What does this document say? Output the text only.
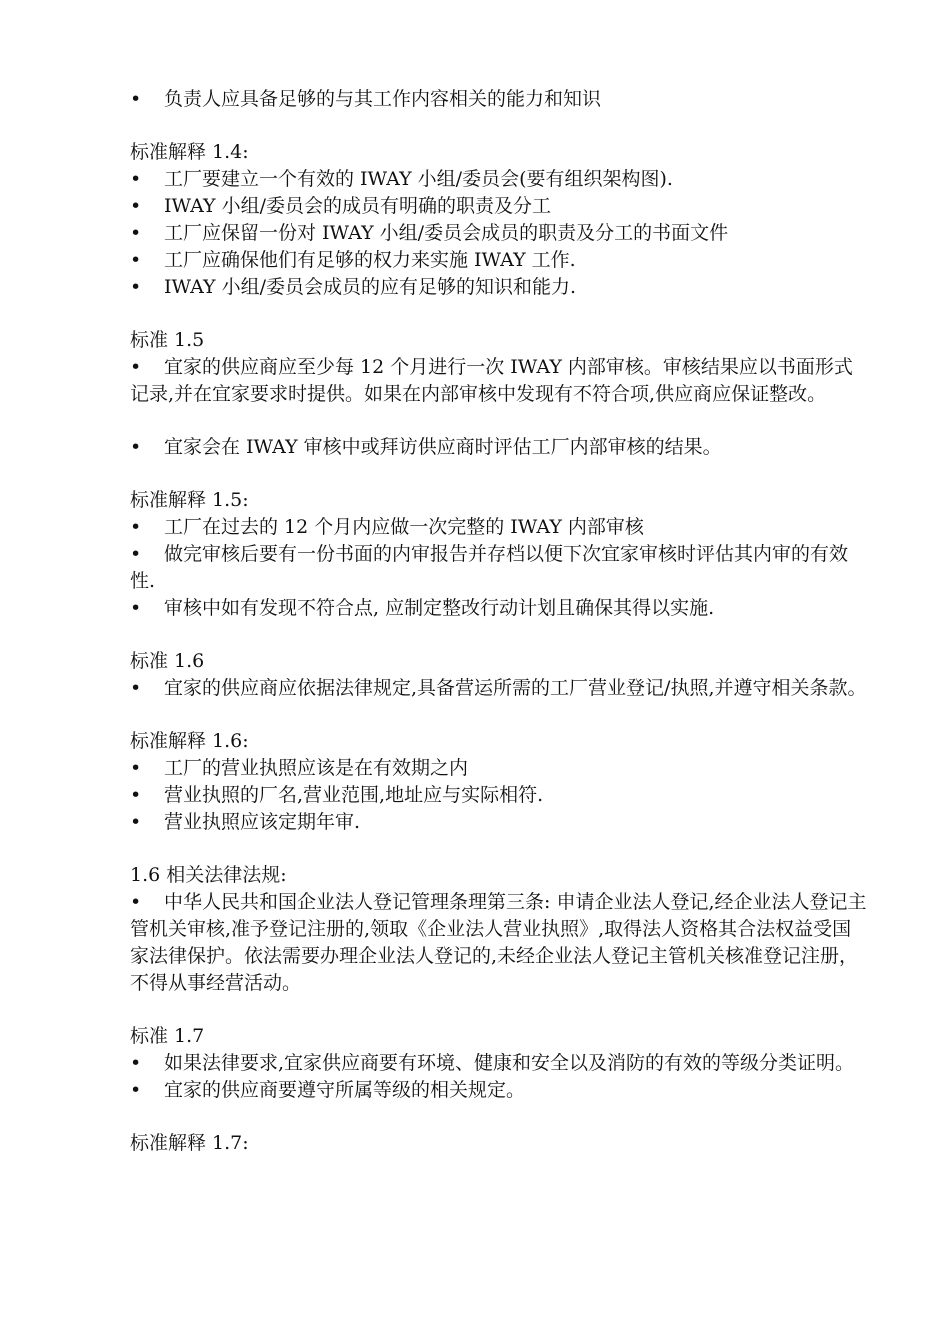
• 负责人应具备足够的与其工作内容相关的能力和知识

标准解释 1.4:

• 工厂要建立一个有效的 IWAY 小组/委员会(要有组织架构图).

• IWAY 小组/委员会的成员有明确的职责及分工

• 工厂应保留一份对 IWAY 小组/委员会成员的职责及分工的书面文件

• 工厂应确保他们有足够的权力来实施 IWAY 工作.

• IWAY 小组/委员会成员的应有足够的知识和能力.

标准 1.5

• 宜家的供应商应至少每 12 个月进行一次 IWAY 内部审核。审核结果应以书面形式记录,并在宜家要求时提供。如果在内部审核中发现有不符合项,供应商应保证整改。

• 宜家会在 IWAY 审核中或拜访供应商时评估工厂内部审核的结果。

标准解释 1.5:

• 工厂在过去的 12 个月内应做一次完整的 IWAY 内部审核

• 做完审核后要有一份书面的内审报告并存档以便下次宜家审核时评估其内审的有效性.

• 审核中如有发现不符合点, 应制定整改行动计划且确保其得以实施.

标准 1.6

• 宜家的供应商应依据法律规定,具备营运所需的工厂营业登记/执照,并遵守相关条款。

标准解释 1.6:

• 工厂的营业执照应该是在有效期之内

• 营业执照的厂名,营业范围,地址应与实际相符.

• 营业执照应该定期年审.

1.6 相关法律法规:

• 中华人民共和国企业法人登记管理条理第三条: 申请企业法人登记,经企业法人登记主管机关审核,准予登记注册的,领取《企业法人营业执照》,取得法人资格其合法权益受国家法律保护。依法需要办理企业法人登记的,未经企业法人登记主管机关核准登记注册，不得从事经营活动。

标准 1.7

• 如果法律要求,宜家供应商要有环境、健康和安全以及消防的有效的等级分类证明。

• 宜家的供应商要遵守所属等级的相关规定。

标准解释 1.7:
